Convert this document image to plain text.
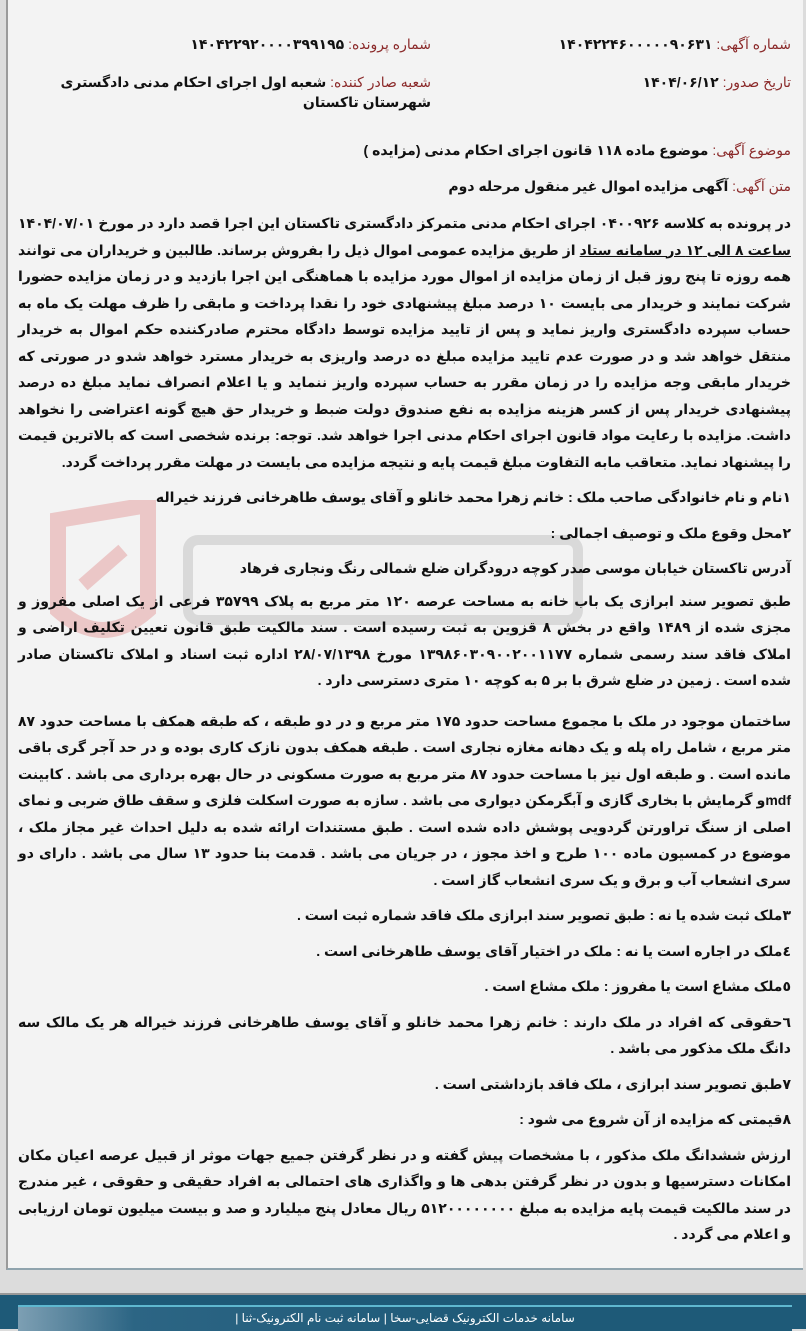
شماره آگهی: ۱۴۰۴۲۲۴۶۰۰۰۰۰۹۰۶۳۱
شماره پرونده: ۱۴۰۴۲۲۹۲۰۰۰۰۳۹۹۱۹۵
تاریخ صدور: ۱۴۰۴/۰۶/۱۲
شعبه صادر کننده: شعبه اول اجرای احکام مدنی دادگستری شهرستان تاکستان
موضوع آگهی: موضوع ماده ۱۱۸ قانون اجرای احکام مدنی (مزایده )
متن آگهی: آگهی مزایده اموال غیر منقول مرحله دوم

در پرونده به کلاسه ۰۴۰۰۹۲۶ اجرای احکام مدنی متمرکز دادگستری تاکستان این اجرا قصد دارد در مورخ ۱۴۰۴/۰۷/۰۱ ساعت ۸ الی ۱۲ در سامانه ستاد از طریق مزایده عمومی اموال ذیل را بفروش برساند. طالبین و خریداران می توانند همه روزه تا پنج روز قبل از زمان مزایده از اموال مورد مزایده با هماهنگی این اجرا بازدید و در زمان مزایده حضورا شرکت نمایند و خریدار می بایست ۱۰ درصد مبلغ پیشنهادی خود را نقدا پرداخت و مابقی را ظرف مهلت یک ماه به حساب سپرده دادگستری واریز نماید و پس از تایید مزایده توسط دادگاه محترم صادرکننده حکم اموال به خریدار منتقل خواهد شد و در صورت عدم تایید مزایده مبلغ ده درصد واریزی به خریدار مسترد خواهد شدو در صورتی که خریدار مابقی وجه مزایده را در زمان مقرر به حساب سپرده واریز ننماید و یا اعلام انصراف نماید مبلغ ده درصد پیشنهادی خریدار پس از کسر هزینه مزایده به نفع صندوق دولت ضبط و خریدار حق هیچ گونه اعتراضی را نخواهد داشت. مزایده با رعایت مواد قانون اجرای احکام مدنی اجرا خواهد شد. توجه: برنده شخصی است که بالاترین قیمت را پیشنهاد نماید. متعاقب مابه التفاوت مبلغ قیمت پایه و نتیجه مزایده می بایست در مهلت مقرر پرداخت گردد.

۱نام و نام خانوادگی صاحب ملک : خانم زهرا محمد خانلو و آقای یوسف طاهرخانی فرزند خیراله
۲محل وقوع ملک و توصیف اجمالی :
آدرس تاکستان خیابان موسی صدر کوچه درودگران ضلع شمالی رنگ ونجاری فرهاد

طبق تصویر سند ابرازی یک باب خانه به مساحت عرصه ۱۲۰ متر مربع به پلاک ۳۵۷۹۹ فرعی از یک اصلی مفروز و مجزی شده از ۱۴۸۹ واقع در بخش ۸ قزوین به ثبت رسیده است . سند مالکیت طبق قانون تعیین تکلیف اراضی و املاک فاقد سند رسمی شماره ۱۳۹۸۶۰۳۰۹۰۰۲۰۰۱۱۷۷ مورخ ۲۸/۰۷/۱۳۹۸ اداره ثبت اسناد و املاک تاکستان صادر شده است . زمین در ضلع شرق با بر ۵ به کوچه ۱۰ متری دسترسی دارد .

ساختمان موجود در ملک با مجموع مساحت حدود ۱۷۵ متر مربع و در دو طبقه ، که طبقه همکف با مساحت حدود ۸۷ متر مربع ، شامل راه پله و یک دهانه مغازه نجاری است . طبقه همکف بدون نازک کاری بوده و در حد آجر گری باقی مانده است . و طبقه اول نیز با مساحت حدود ۸۷ متر مربع به صورت مسکونی در حال بهره برداری می باشد . کابینت mdfو گرمایش با بخاری گازی و آبگرمکن دیواری می باشد . سازه به صورت اسکلت فلزی و سقف طاق ضربی و نمای اصلی از سنگ تراورتن گردویی پوشش داده شده است . طبق مستندات ارائه شده به دلیل احداث غیر مجاز ملک ، موضوع در کمسیون ماده ۱۰۰ طرح و اخذ مجوز ، در جریان می باشد . قدمت بنا حدود ۱۳ سال می باشد . دارای دو سری انشعاب آب و برق و یک سری انشعاب گاز است .

۳ملک ثبت شده یا نه : طبق تصویر سند ابرازی ملک فاقد شماره ثبت است .
٤ملک در اجاره است یا نه : ملک در اختیار آقای یوسف طاهرخانی است .
٥ملک مشاع است یا مفروز : ملک مشاع است .

٦حقوقی که افراد در ملک دارند : خانم زهرا محمد خانلو و آقای یوسف طاهرخانی فرزند خیراله هر یک مالک سه دانگ ملک مذکور می باشد .

۷طبق تصویر سند ابرازی ، ملک فاقد بازداشتی است .
۸قیمتی که مزایده از آن شروع می شود :

ارزش ششدانگ ملک مذکور ، با مشخصات پیش گفته و در نظر گرفتن جمیع جهات موثر از قبیل عرصه اعیان مکان امکانات دسترسیها و بدون در نظر گرفتن بدهی ها و واگذاری های احتمالی به افراد حقیقی و حقوقی ، غیر مندرج در سند مالکیت قیمت پایه مزایده به مبلغ ۵۱۲۰۰۰۰۰۰۰۰ ریال معادل پنج میلیارد و صد و بیست میلیون تومان ارزیابی و اعلام می گردد .

سامانه خدمات الکترونیک قضایی-سخا | سامانه ثبت نام الکترونیک-ثنا |
